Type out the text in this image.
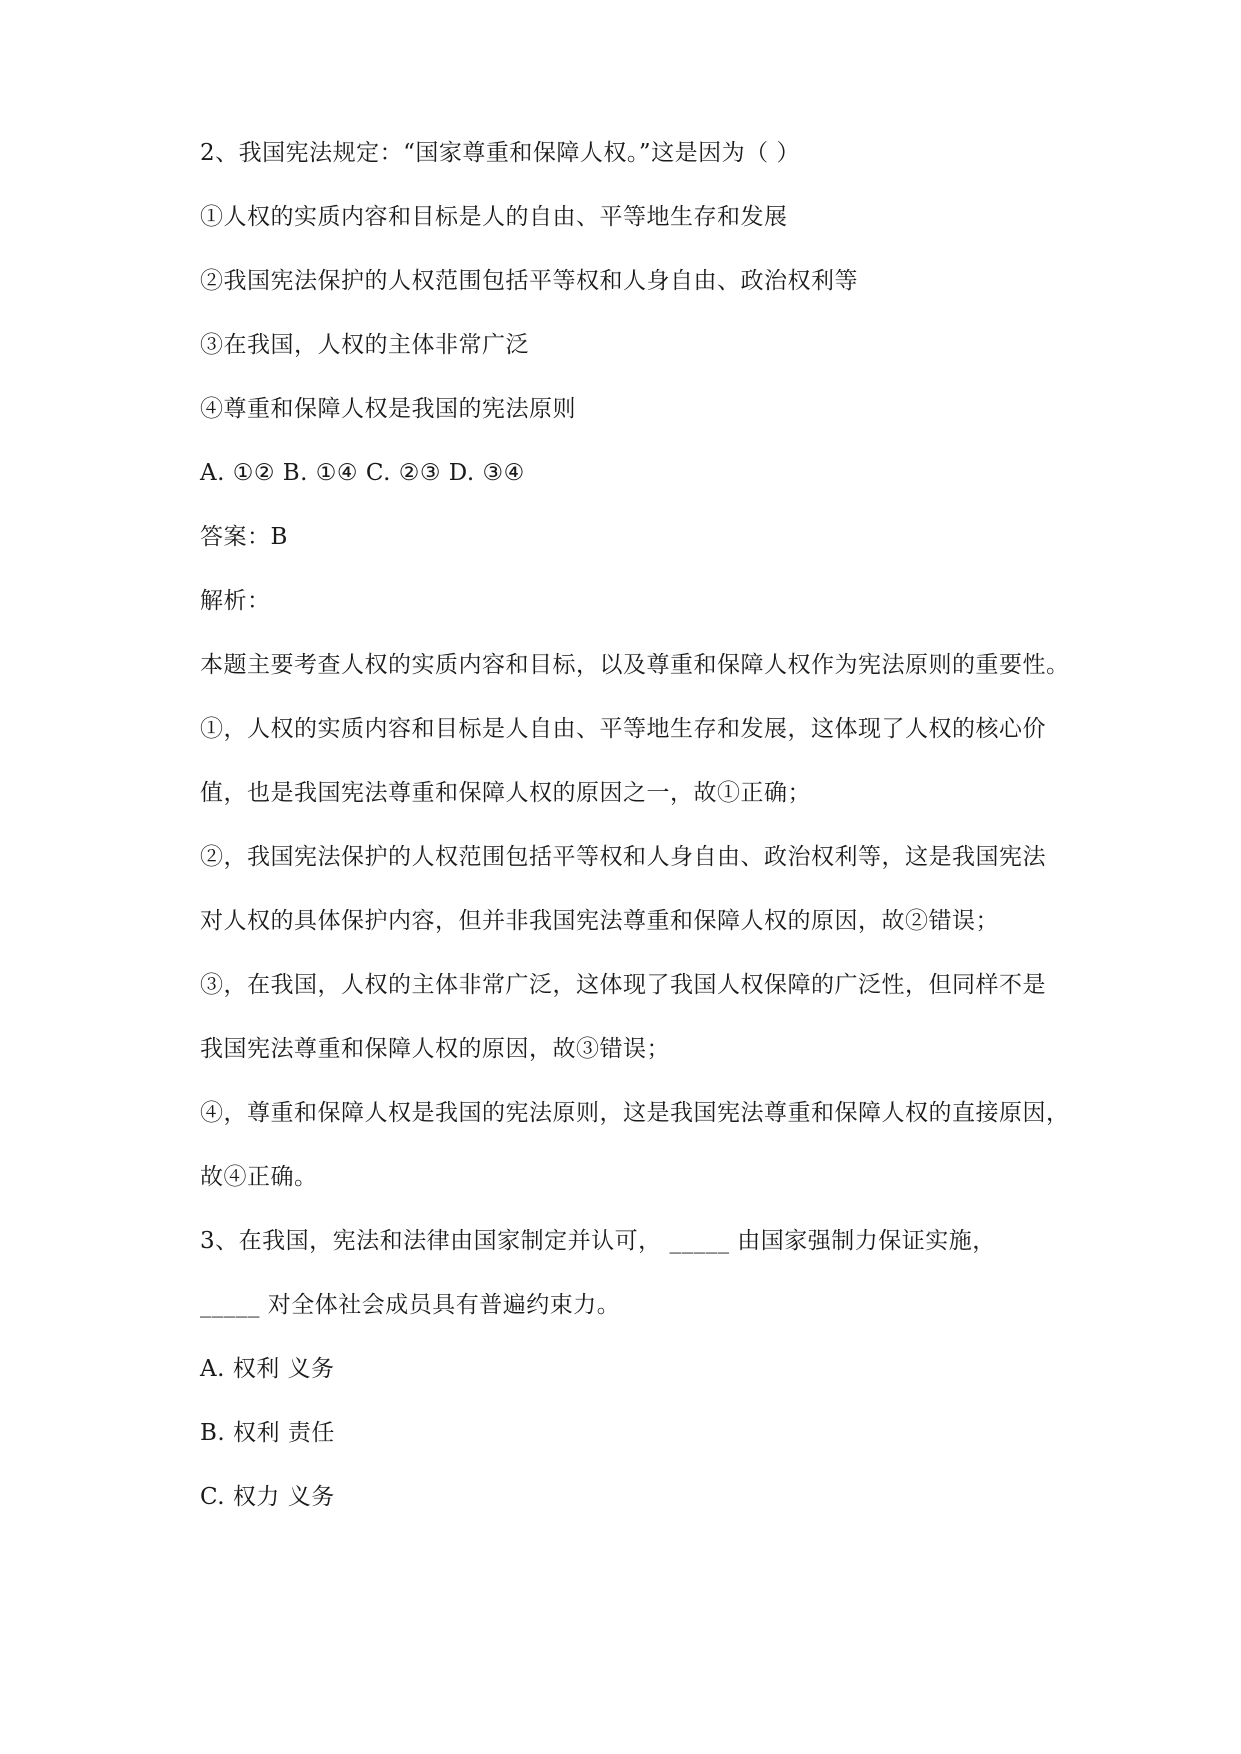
2、我国宪法规定：“国家尊重和保障人权。”这是因为（ ）
①人权的实质内容和目标是人的自由、平等地生存和发展
②我国宪法保护的人权范围包括平等权和人身自由、政治权利等
③在我国，人权的主体非常广泛
④尊重和保障人权是我国的宪法原则
A. ①② B. ①④ C. ②③ D. ③④
答案：B
解析：
本题主要考查人权的实质内容和目标，以及尊重和保障人权作为宪法原则的重要性。
①，人权的实质内容和目标是人自由、平等地生存和发展，这体现了人权的核心价
值，也是我国宪法尊重和保障人权的原因之一，故①正确；
②，我国宪法保护的人权范围包括平等权和人身自由、政治权利等，这是我国宪法
对人权的具体保护内容，但并非我国宪法尊重和保障人权的原因，故②错误；
③，在我国，人权的主体非常广泛，这体现了我国人权保障的广泛性，但同样不是
我国宪法尊重和保障人权的原因，故③错误；
④，尊重和保障人权是我国的宪法原则，这是我国宪法尊重和保障人权的直接原因，
故④正确。
3、在我国，宪法和法律由国家制定并认可， _____ 由国家强制力保证实施，
_____ 对全体社会成员具有普遍约束力。
A. 权利 义务
B. 权利 责任
C. 权力 义务
